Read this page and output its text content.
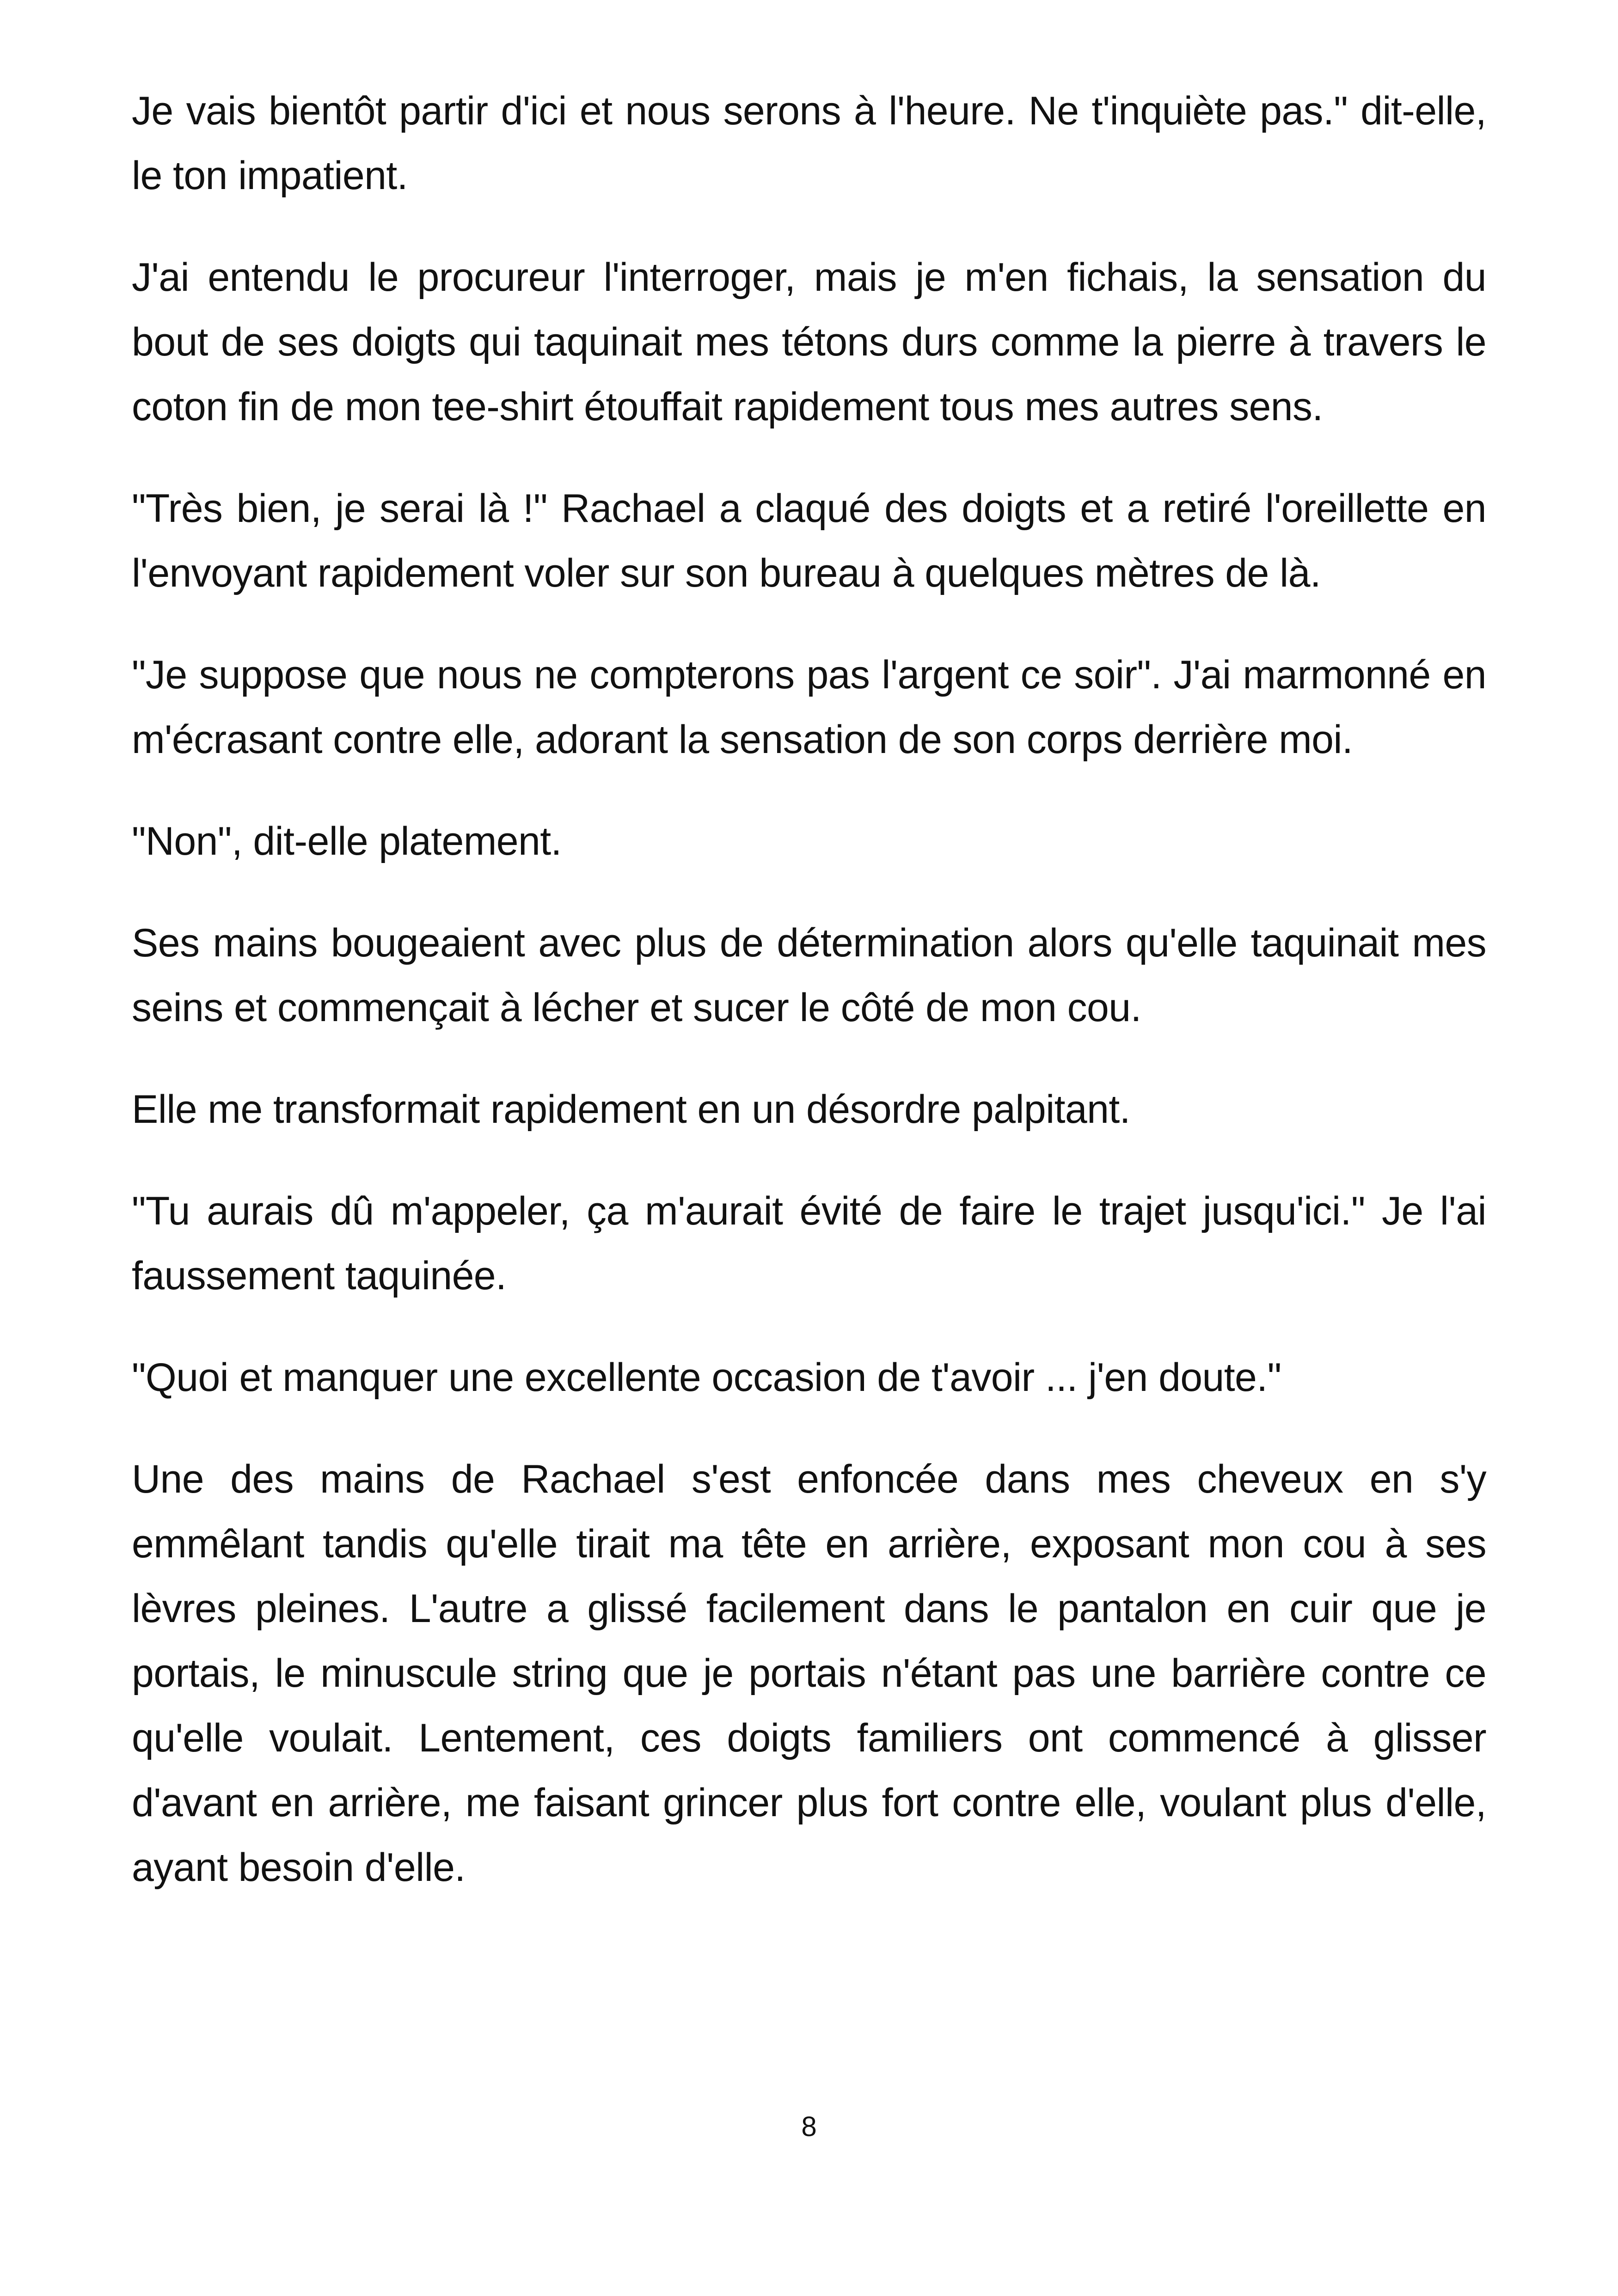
Je vais bientôt partir d'ici et nous serons à l'heure. Ne t'inquiète pas." dit-elle, le ton impatient.

J'ai entendu le procureur l'interroger, mais je m'en fichais, la sensation du bout de ses doigts qui taquinait mes tétons durs comme la pierre à travers le coton fin de mon tee-shirt étouffait rapidement tous mes autres sens.

"Très bien, je serai là !" Rachael a claqué des doigts et a retiré l'oreillette en l'envoyant rapidement voler sur son bureau à quelques mètres de là.

"Je suppose que nous ne compterons pas l'argent ce soir". J'ai marmonné en m'écrasant contre elle, adorant la sensation de son corps derrière moi.

"Non", dit-elle platement.

Ses mains bougeaient avec plus de détermination alors qu'elle taquinait mes seins et commençait à lécher et sucer le côté de mon cou.

Elle me transformait rapidement en un désordre palpitant.

"Tu aurais dû m'appeler, ça m'aurait évité de faire le trajet jusqu'ici." Je l'ai faussement taquinée.

"Quoi et manquer une excellente occasion de t'avoir ... j'en doute."

Une des mains de Rachael s'est enfoncée dans mes cheveux en s'y emmêlant tandis qu'elle tirait ma tête en arrière, exposant mon cou à ses lèvres pleines. L'autre a glissé facilement dans le pantalon en cuir que je portais, le minuscule string que je portais n'étant pas une barrière contre ce qu'elle voulait. Lentement, ces doigts familiers ont commencé à glisser d'avant en arrière, me faisant grincer plus fort contre elle, voulant plus d'elle, ayant besoin d'elle.

8
